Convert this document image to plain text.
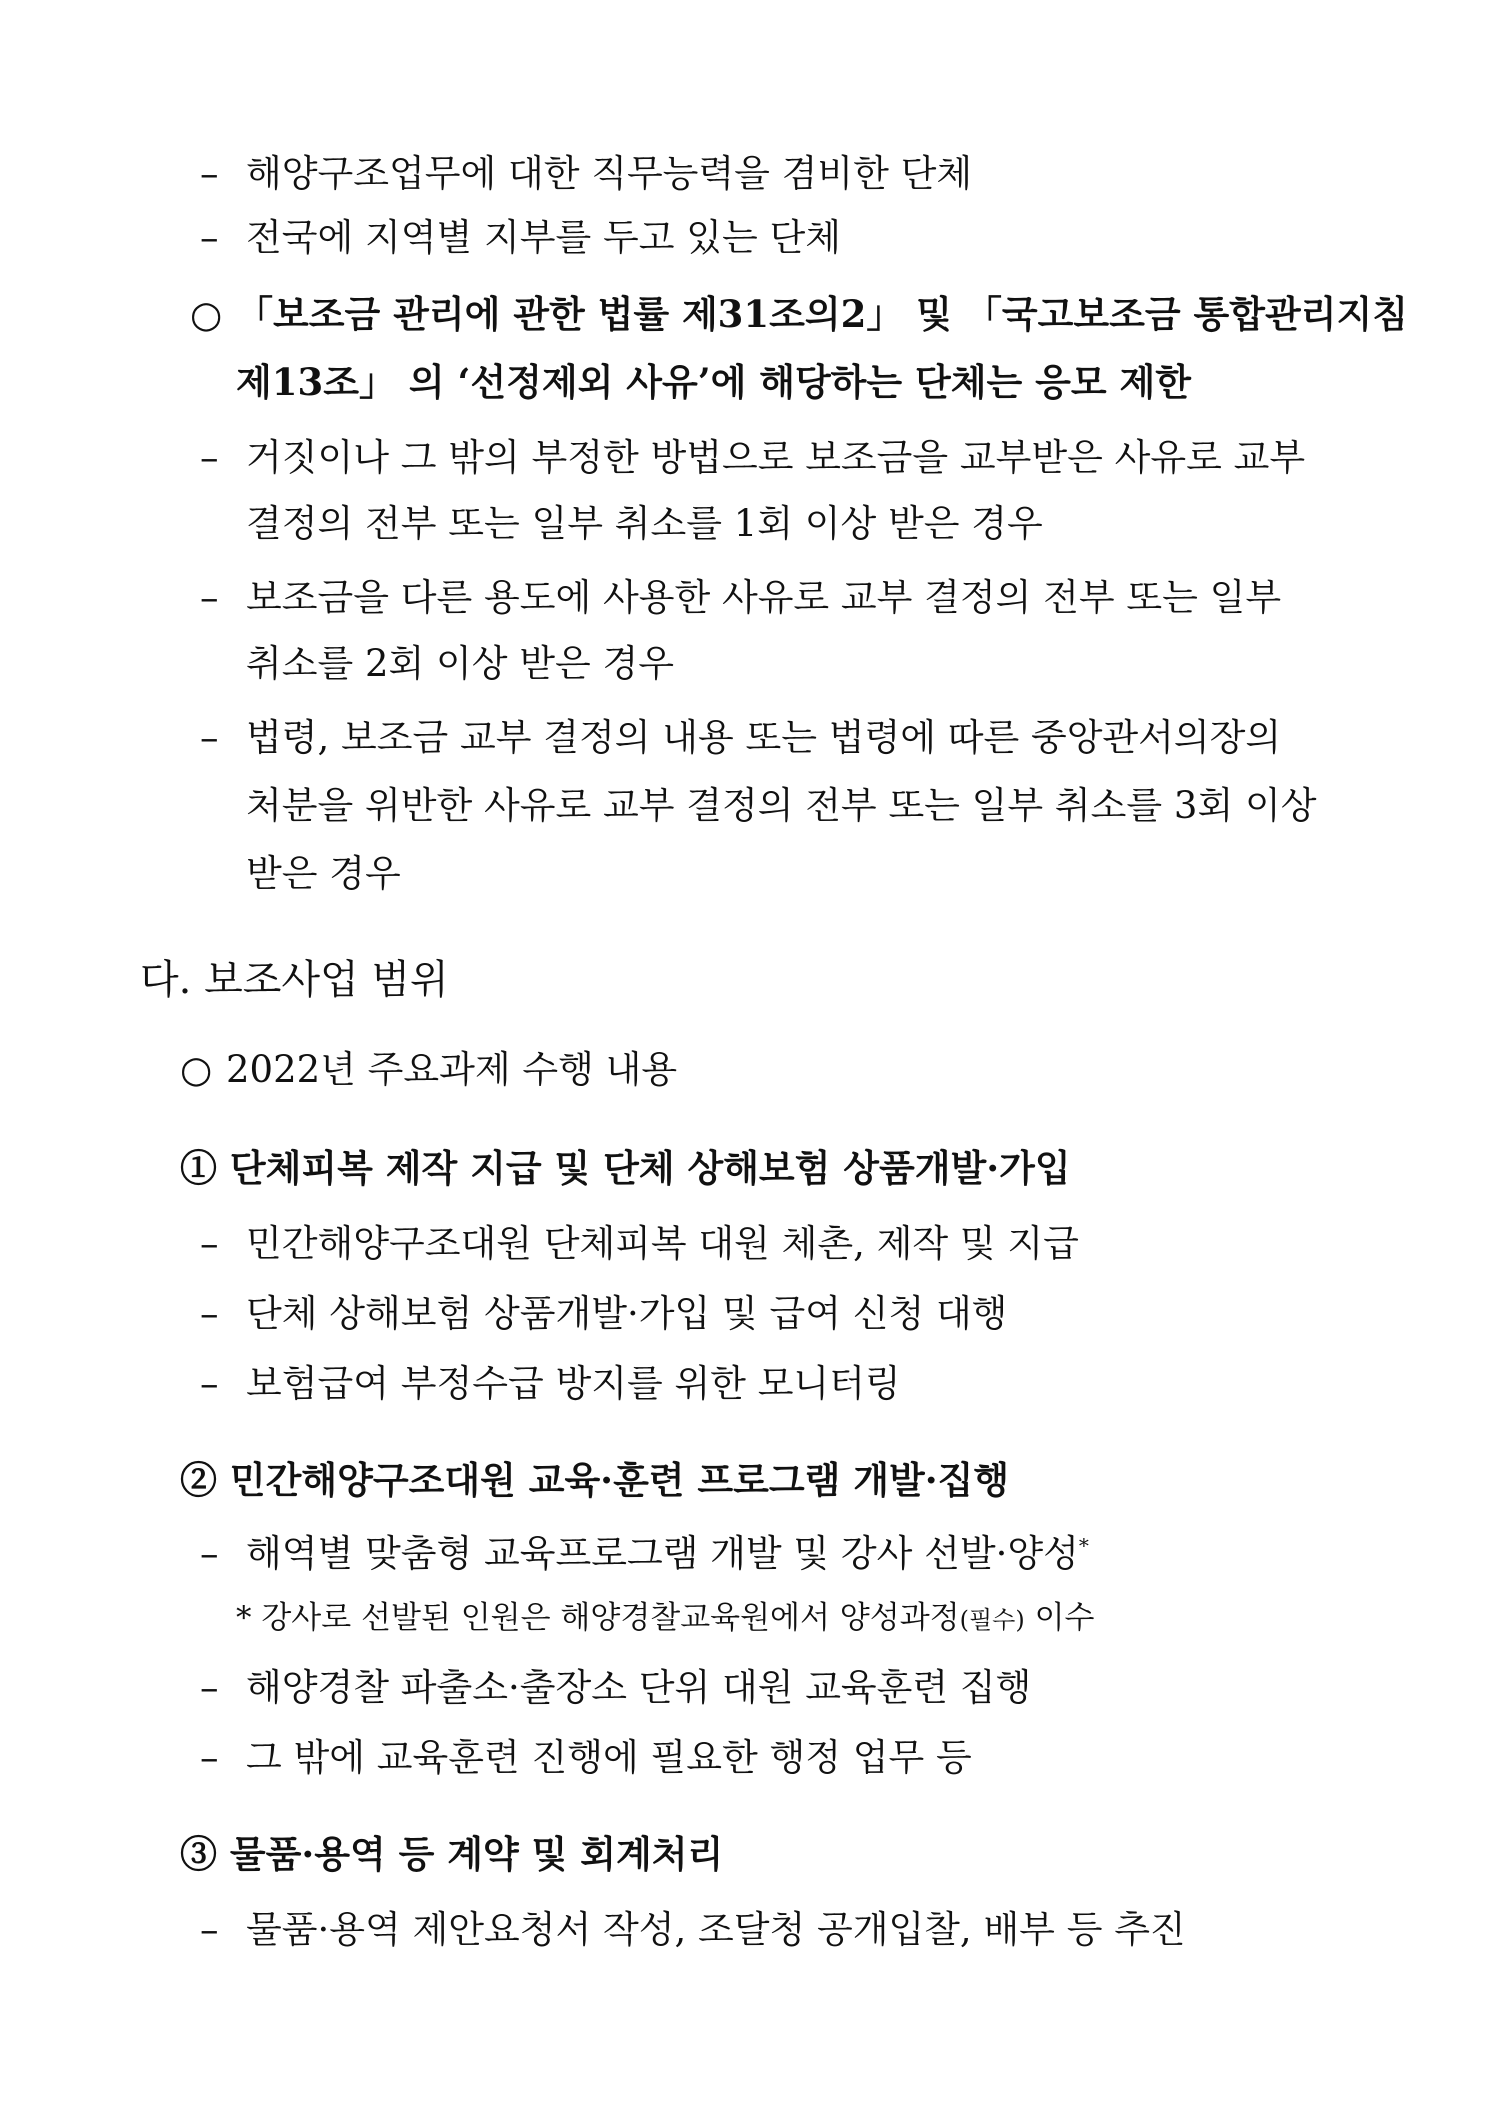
– 해양구조업무에 대한 직무능력을 겸비한 단체
– 전국에 지역별 지부를 두고 있는 단체
○ 「보조금 관리에 관한 법률 제31조의2」 및 「국고보조금 통합관리지침
제13조」 의 ‘선정제외 사유’에 해당하는 단체는 응모 제한
– 거짓이나 그 밖의 부정한 방법으로 보조금을 교부받은 사유로 교부
결정의 전부 또는 일부 취소를 1회 이상 받은 경우
– 보조금을 다른 용도에 사용한 사유로 교부 결정의 전부 또는 일부
취소를 2회 이상 받은 경우
– 법령, 보조금 교부 결정의 내용 또는 법령에 따른 중앙관서의장의
처분을 위반한 사유로 교부 결정의 전부 또는 일부 취소를 3회 이상
받은 경우
다. 보조사업 범위
○ 2022년 주요과제 수행 내용
① 단체피복 제작 지급 및 단체 상해보험 상품개발·가입
– 민간해양구조대원 단체피복 대원 체촌, 제작 및 지급
– 단체 상해보험 상품개발·가입 및 급여 신청 대행
– 보험급여 부정수급 방지를 위한 모니터링
② 민간해양구조대원 교육·훈련 프로그램 개발·집행
– 해역별 맞춤형 교육프로그램 개발 및 강사 선발·양성*
* 강사로 선발된 인원은 해양경찰교육원에서 양성과정(필수) 이수
– 해양경찰 파출소·출장소 단위 대원 교육훈련 집행
– 그 밖에 교육훈련 진행에 필요한 행정 업무 등
③ 물품·용역 등 계약 및 회계처리
– 물품·용역 제안요청서 작성, 조달청 공개입찰, 배부 등 추진
